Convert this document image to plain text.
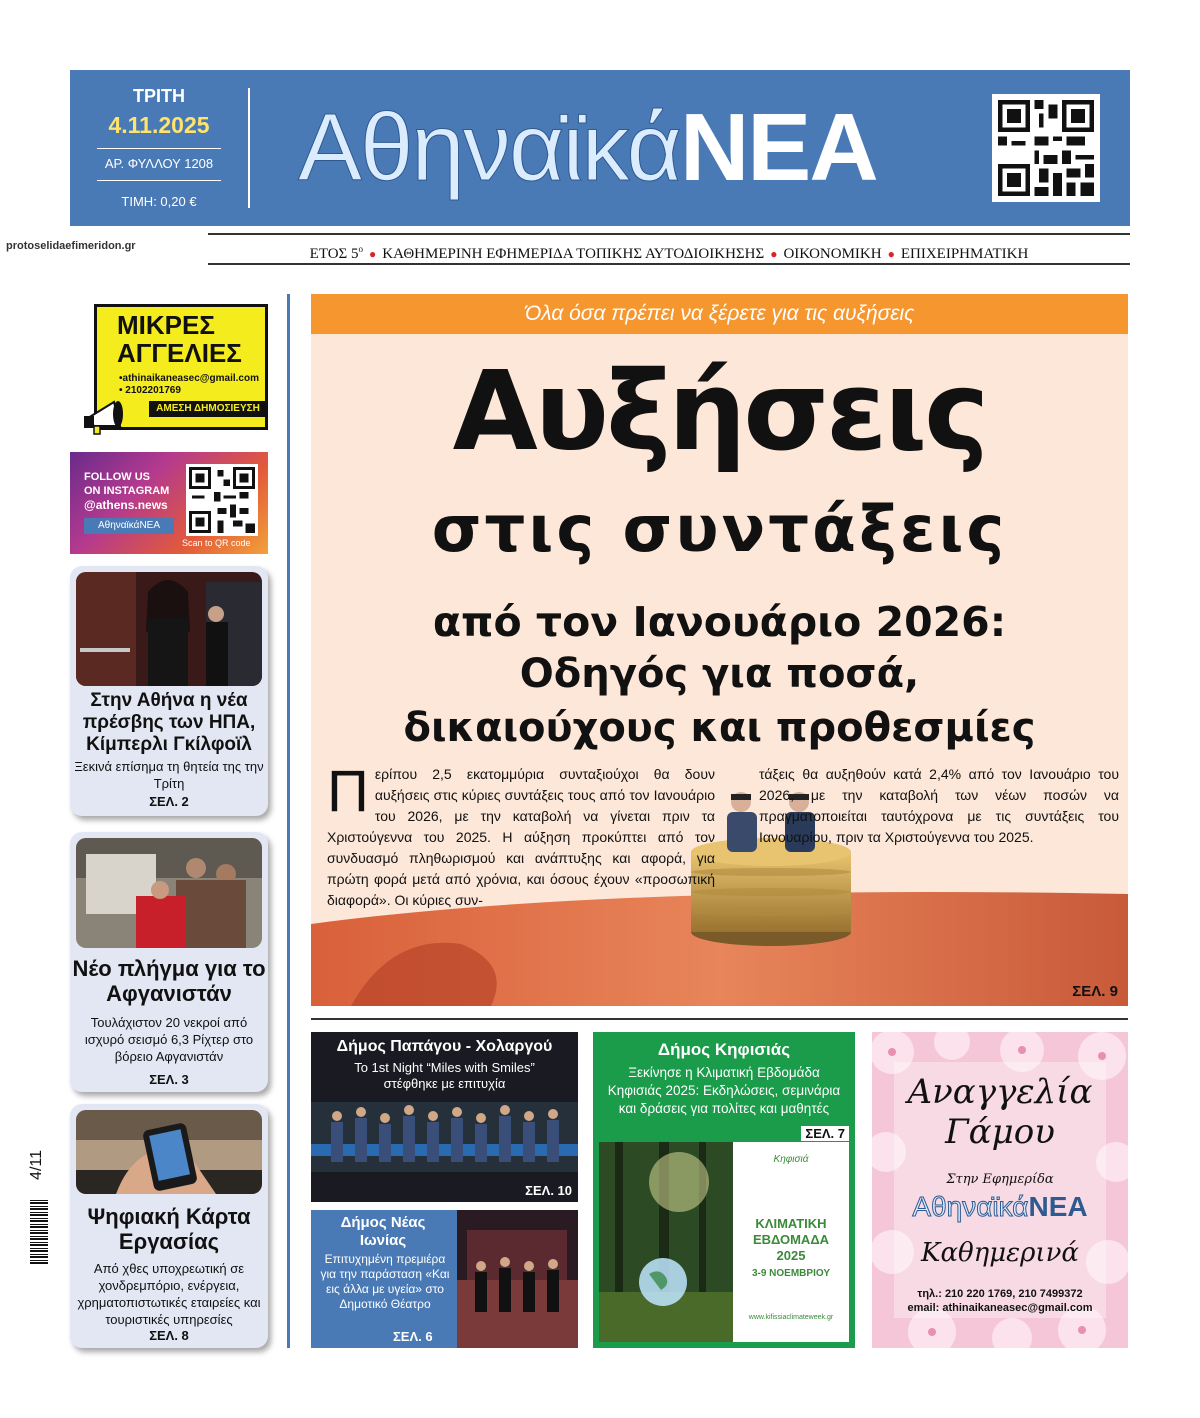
ΤΡΙΤΗ
4.11.2025
ΑΡ. ΦΥΛΛΟΥ 1208
ΤΙΜΗ: 0,20 €
ΑθηναϊκάΝΕΑ
protoselidaefimeridon.gr	ΕΤΟΣ $5^o$ ● ΚΑΘΗΜΕΡΙΝΗ ΕΦΗΜΕΡΙΔΑ ΤΟΠΙΚΗΣ ΑΥΤΟΔΙΟΙΚΗΣΗΣ ● ΟΙΚΟΝΟΜΙΚΗ ● ΕΠΙΧΕΙΡΗΜΑΤΙΚΗ
ΜΙΚΡΕΣ
ΑΓΓΕΛΙΕΣ
•athinaikaneasec@gmail.com
• 2102201769
ΑΜΕΣΗ ΔΗΜΟΣΙΕΥΣΗ
FOLLOW US
ON INSTAGRAM
@athens.news
ΑθηναϊκάΝΕΑ
Scan to QR code
Στην Αθήνα η νέα πρέσβης των ΗΠΑ, Κίμπερλι Γκίλφοϊλ
Ξεκινά επίσημα τη θητεία της την Τρίτη
ΣΕΛ. 2
Νέο πλήγμα για το Αφγανιστάν
Τουλάχιστον 20 νεκροί από ισχυρό σεισμό 6,3 Ρίχτερ στο βόρειο Αφγανιστάν
ΣΕΛ. 3
Ψηφιακή Κάρτα Εργασίας
Από χθες υποχρεωτική σε χονδρεμπόριο, ενέργεια, χρηματοπιστωτικές εταιρείες και τουριστικές υπηρεσίες
ΣΕΛ. 8
4/11
Όλα όσα πρέπει να ξέρετε για τις αυξήσεις
Αυξήσεις
στις συντάξεις
από τον Ιανουάριο 2026:
Οδηγός για ποσά,
δικαιούχους και προθεσμίες
Περίπου 2,5 εκατομμύρια συνταξιούχοι θα δουν αυξήσεις στις κύριες συντάξεις τους από τον Ιανουάριο του 2026, με την καταβολή να γίνεται πριν τα Χριστούγεννα του 2025. Η αύξηση προκύπτει από τον συνδυασμό πληθωρισμού και ανάπτυξης και αφορά, για πρώτη φορά μετά από χρόνια, και όσους έχουν «προσωπική διαφορά». Οι κύριες συν-
τάξεις θα αυξηθούν κατά 2,4% από τον Ιανουάριο του 2026, με την καταβολή των νέων ποσών να πραγματοποιείται ταυτόχρονα με τις συντάξεις του Ιανουαρίου, πριν τα Χριστούγεννα του 2025.
ΣΕΛ. 9
Δήμος Παπάγου - Χολαργού
To 1st Night “Miles with Smiles”
στέφθηκε με επιτυχία
ΣΕΛ. 10
Δήμος Νέας Ιωνίας
Επιτυχημένη πρεμιέρα για την παράσταση «Και εις άλλα με υγεία» στο Δημοτικό Θέατρο
ΣΕΛ. 6
Δήμος Κηφισιάς
Ξεκίνησε η Κλιματική Εβδομάδα Κηφισιάς 2025: Εκδηλώσεις, σεμινάρια και δράσεις για πολίτες και μαθητές
ΣΕΛ. 7
Κηφισιά
ΚΛΙΜΑΤΙΚΗ
ΕΒΔΟΜΑΔΑ
2025
3-9 ΝΟΕΜΒΡΙΟΥ
www.kifissiaclimateweek.gr
Αναγγελία
Γάμου
Στην Εφημερίδα
ΑθηναϊκάΝΕΑ
Καθημερινά
τηλ.: 210 220 1769, 210 7499372
email: athinaikaneasec@gmail.com
